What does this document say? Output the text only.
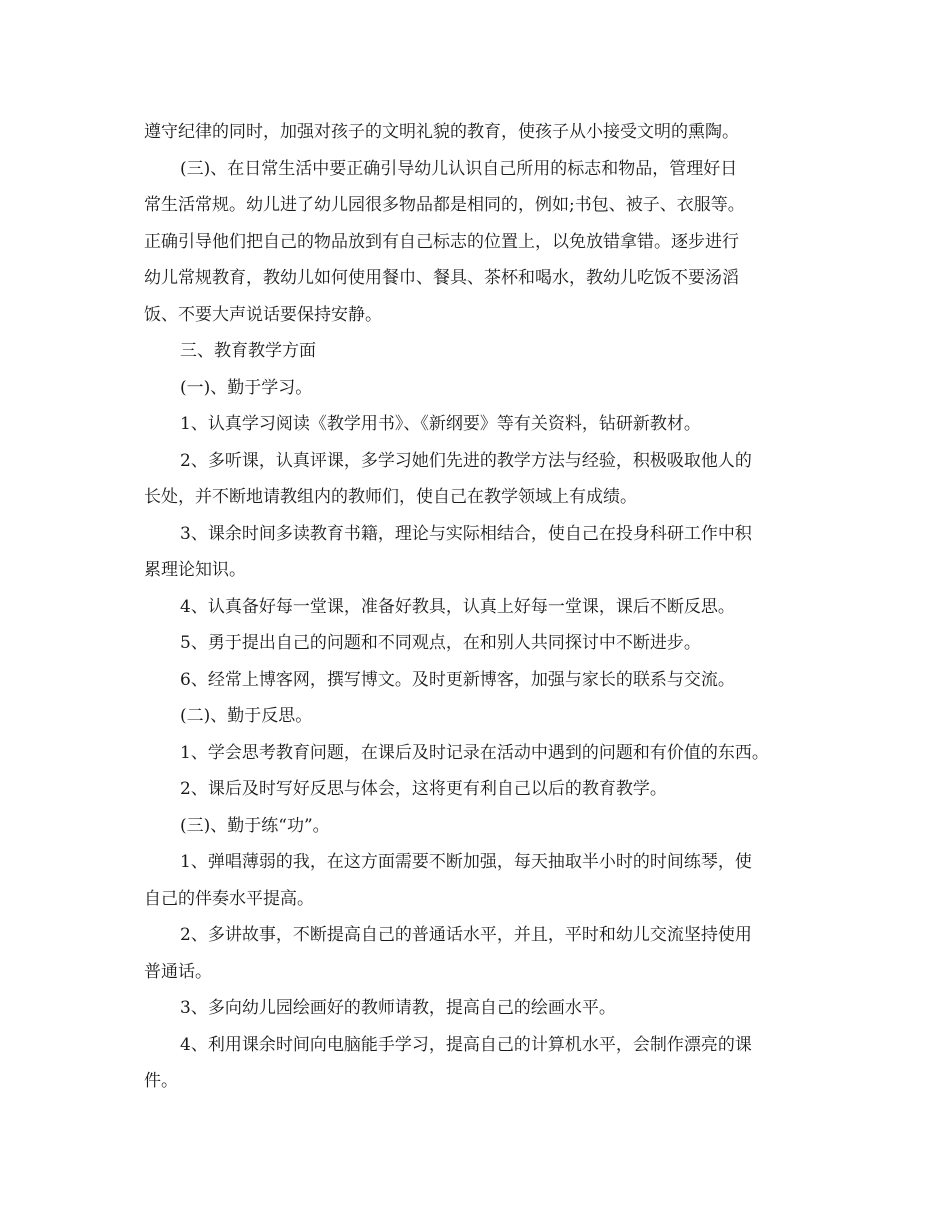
遵守纪律的同时，加强对孩子的文明礼貌的教育，使孩子从小接受文明的熏陶。
(三)、在日常生活中要正确引导幼儿认识自己所用的标志和物品，管理好日
常生活常规。幼儿进了幼儿园很多物品都是相同的，例如;书包、被子、衣服等。
正确引导他们把自己的物品放到有自己标志的位置上，以免放错拿错。逐步进行
幼儿常规教育，教幼儿如何使用餐巾、餐具、茶杯和喝水，教幼儿吃饭不要汤滔
饭、不要大声说话要保持安静。
三、教育教学方面
(一)、勤于学习。
1、认真学习阅读《教学用书》、《新纲要》等有关资料，钻研新教材。
2、多听课，认真评课，多学习她们先进的教学方法与经验，积极吸取他人的
长处，并不断地请教组内的教师们，使自己在教学领域上有成绩。
3、课余时间多读教育书籍，理论与实际相结合，使自己在投身科研工作中积
累理论知识。
4、认真备好每一堂课，准备好教具，认真上好每一堂课，课后不断反思。
5、勇于提出自己的问题和不同观点，在和别人共同探讨中不断进步。
6、经常上博客网，撰写博文。及时更新博客，加强与家长的联系与交流。
(二)、勤于反思。
1、学会思考教育问题，在课后及时记录在活动中遇到的问题和有价值的东西。
2、课后及时写好反思与体会，这将更有利自己以后的教育教学。
(三)、勤于练“功”。
1、弹唱薄弱的我，在这方面需要不断加强，每天抽取半小时的时间练琴，使
自己的伴奏水平提高。
2、多讲故事，不断提高自己的普通话水平，并且，平时和幼儿交流坚持使用
普通话。
3、多向幼儿园绘画好的教师请教，提高自己的绘画水平。
4、利用课余时间向电脑能手学习，提高自己的计算机水平，会制作漂亮的课
件。
